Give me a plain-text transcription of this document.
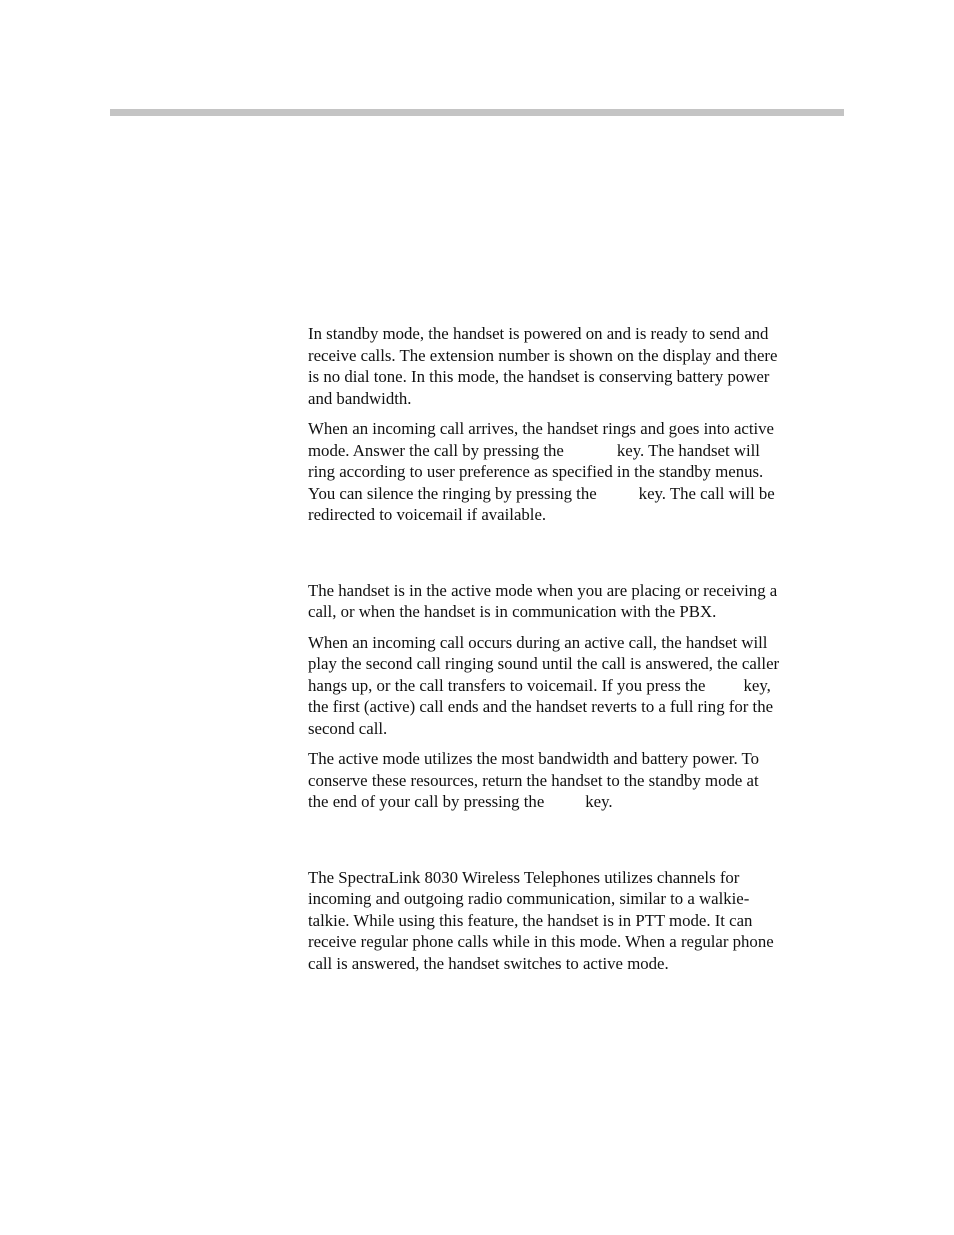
In standby mode, the handset is powered on and is ready to send and
receive calls. The extension number is shown on the display and there
is no dial tone. In this mode, the handset is conserving battery power
and bandwidth.

When an incoming call arrives, the handset rings and goes into active
mode. Answer the call by pressing the	key. The handset will
ring according to user preference as specified in the standby menus.
You can silence the ringing by pressing the	key. The call will be
redirected to voicemail if available.

The handset is in the active mode when you are placing or receiving a
call, or when the handset is in communication with the PBX.

When an incoming call occurs during an active call, the handset will
play the second call ringing sound until the call is answered, the caller
hangs up, or the call transfers to voicemail. If you press the key,
the first (active) call ends and the handset reverts to a full ring for the
second call.

The active mode utilizes the most bandwidth and battery power. To
conserve these resources, return the handset to the standby mode at
the end of your call by pressing the key.

The SpectraLink 8030 Wireless Telephones utilizes channels for
incoming and outgoing radio communication, similar to a walkie-
talkie. While using this feature, the handset is in PTT mode. It can
receive regular phone calls while in this mode. When a regular phone
call is answered, the handset switches to active mode.
